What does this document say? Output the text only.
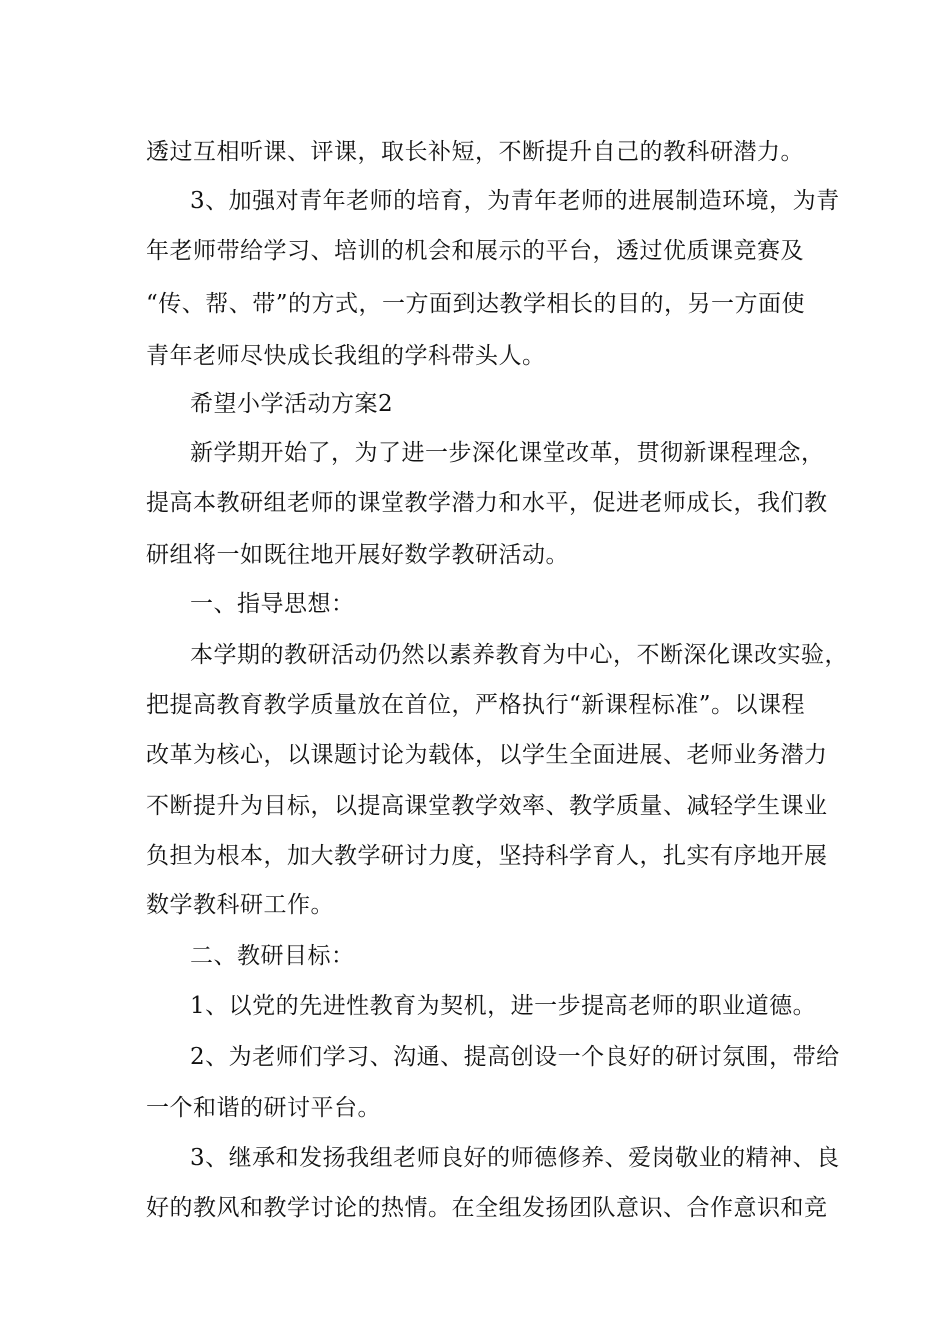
透过互相听课、评课，取长补短，不断提升自己的教科研潜力。
3、加强对青年老师的培育，为青年老师的进展制造环境，为青
年老师带给学习、培训的机会和展示的平台，透过优质课竞赛及
“传、帮、带”的方式，一方面到达教学相长的目的，另一方面使
青年老师尽快成长我组的学科带头人。
希望小学活动方案2
新学期开始了，为了进一步深化课堂改革，贯彻新课程理念，
提高本教研组老师的课堂教学潜力和水平，促进老师成长，我们教
研组将一如既往地开展好数学教研活动。
一、指导思想：
本学期的教研活动仍然以素养教育为中心，不断深化课改实验，
把提高教育教学质量放在首位，严格执行“新课程标准”。以课程
改革为核心，以课题讨论为载体，以学生全面进展、老师业务潜力
不断提升为目标，以提高课堂教学效率、教学质量、减轻学生课业
负担为根本，加大教学研讨力度，坚持科学育人，扎实有序地开展
数学教科研工作。
二、教研目标：
1、以党的先进性教育为契机，进一步提高老师的职业道德。
2、为老师们学习、沟通、提高创设一个良好的研讨氛围，带给
一个和谐的研讨平台。
3、继承和发扬我组老师良好的师德修养、爱岗敬业的精神、良
好的教风和教学讨论的热情。在全组发扬团队意识、合作意识和竞
